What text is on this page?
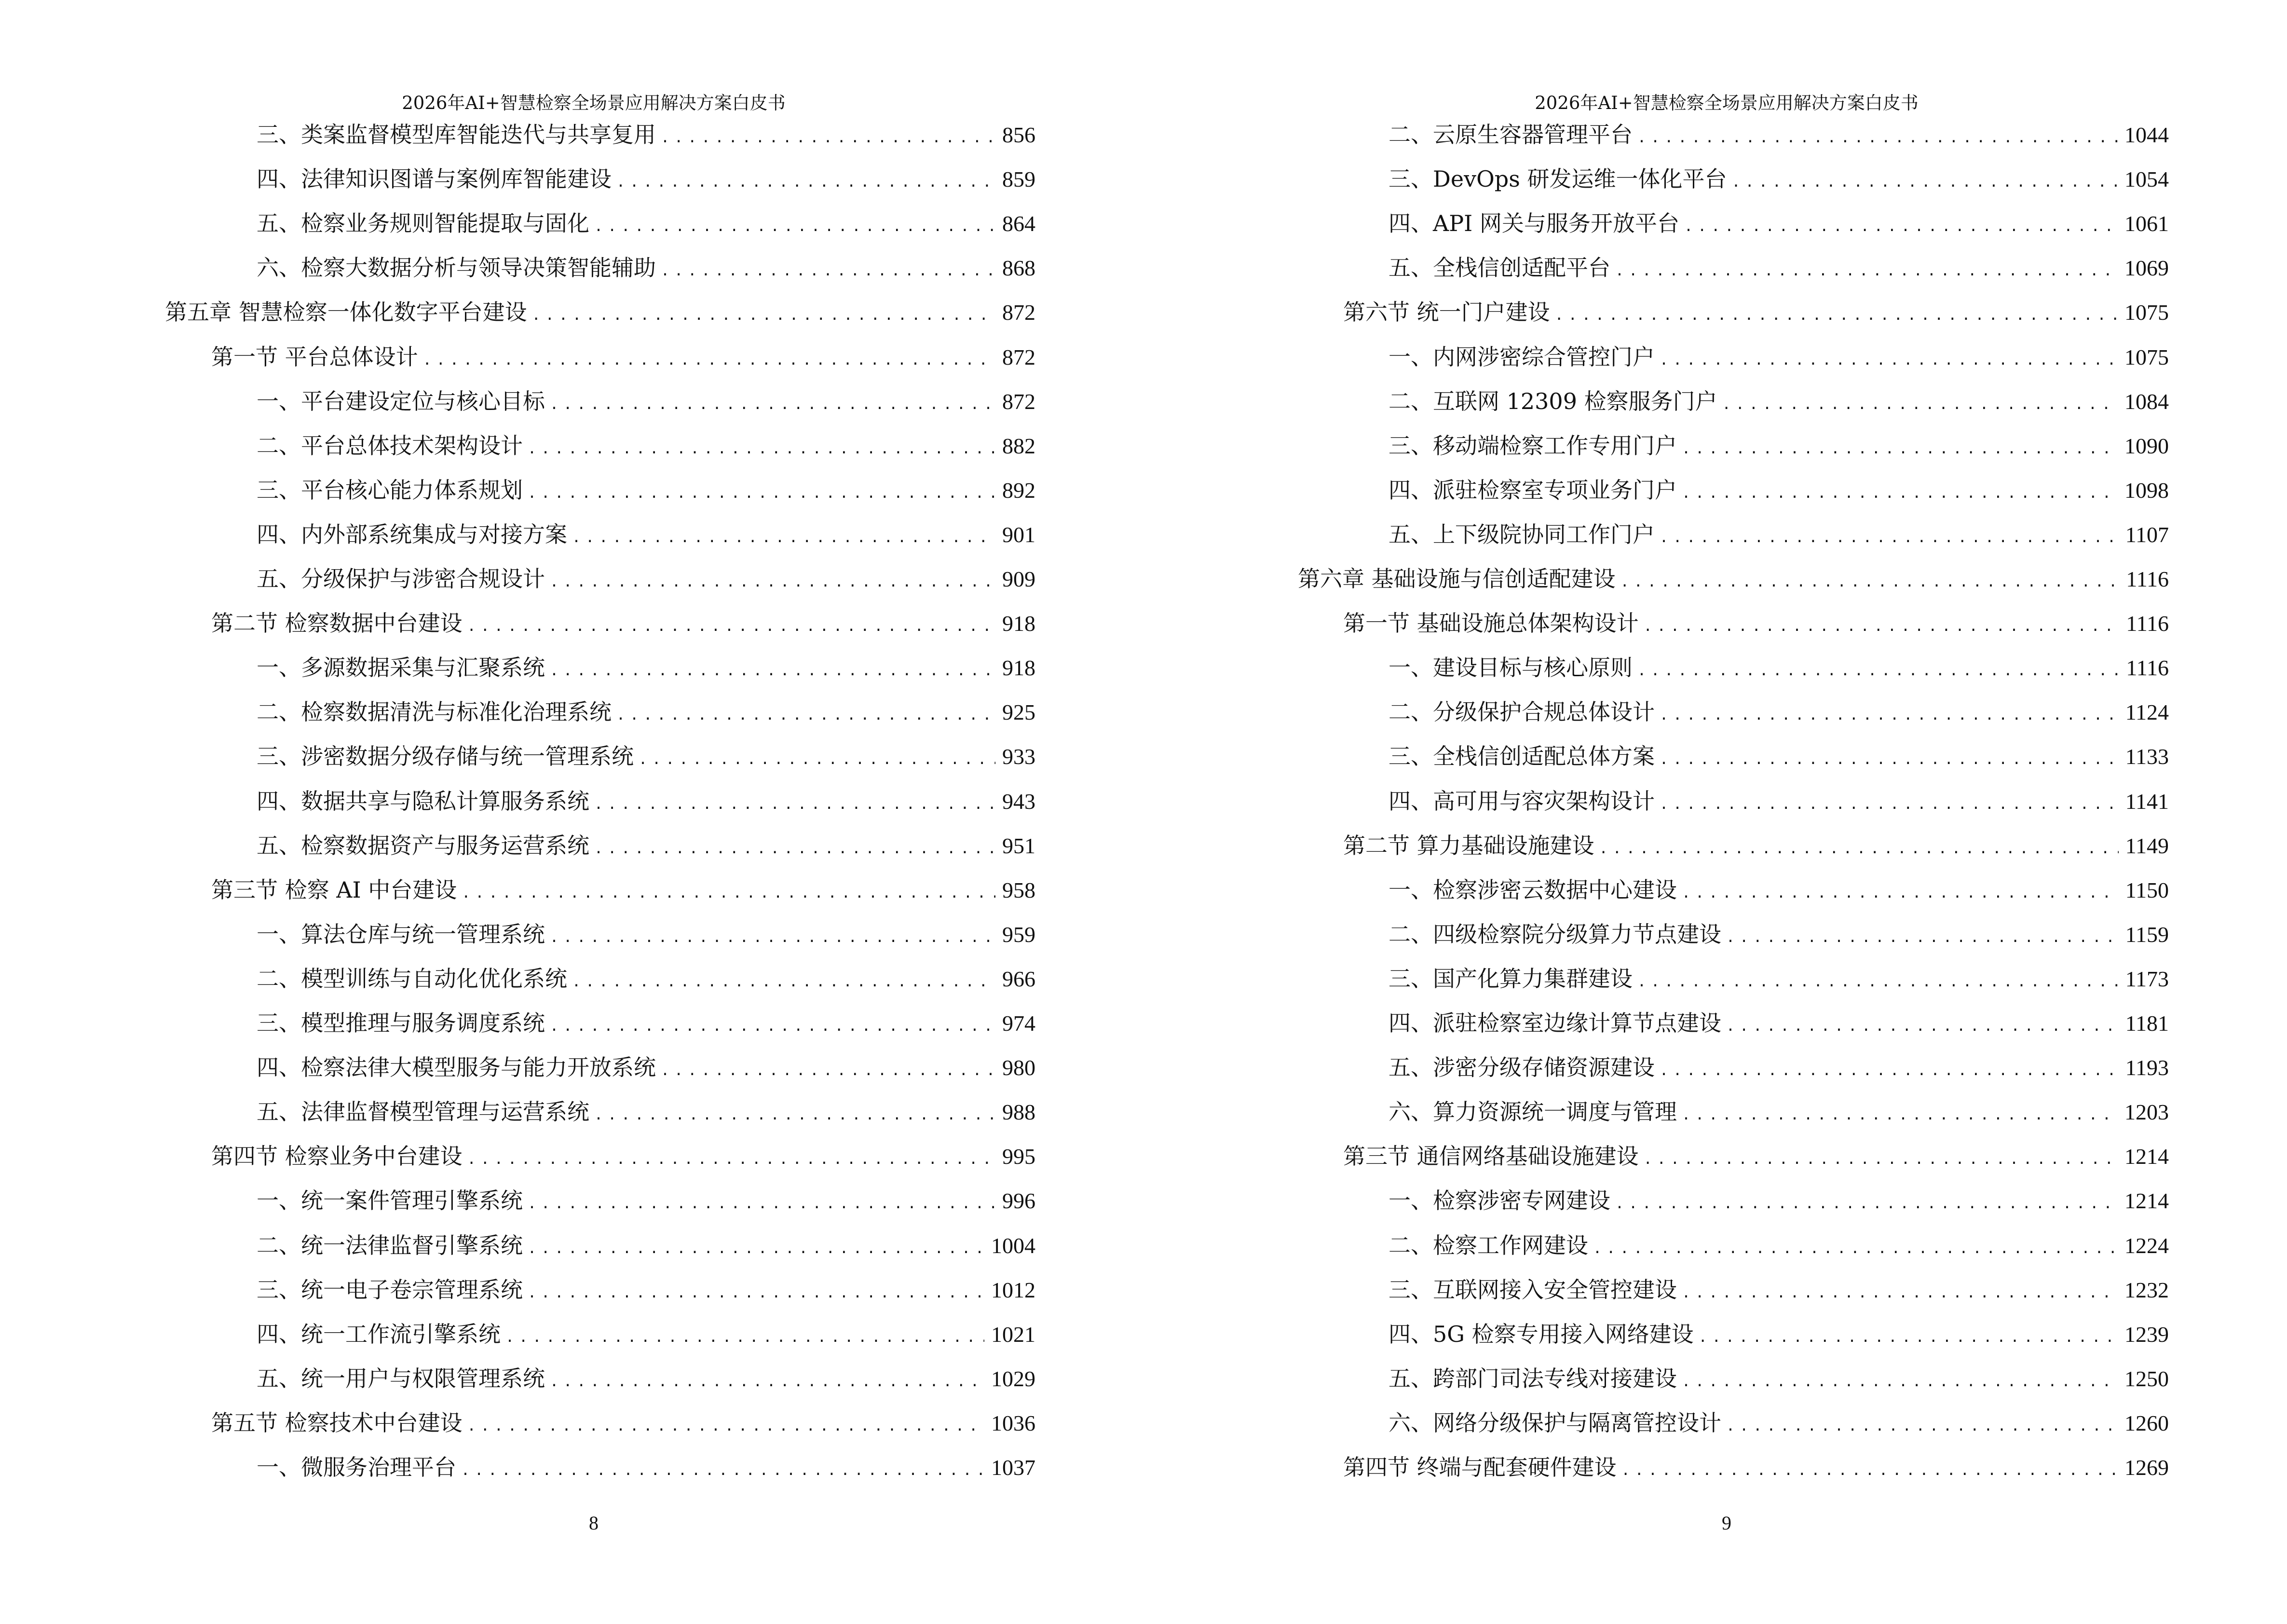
2026年AI+智慧检察全场景应用解决方案白皮书
三、类案监督模型库智能迭代与共享复用 . . .	856
四、法律知识图谱与案例库智能建设 . . .	859
五、检察业务规则智能提取与固化 . . .	864
六、检察大数据分析与领导决策智能辅助 . . .	868
第五章 智慧检察一体化数字平台建设 . . .	872
第一节 平台总体设计 . . .	872
一、平台建设定位与核心目标 . . .	872
二、平台总体技术架构设计 . . .	882
三、平台核心能力体系规划 . . .	892
四、内外部系统集成与对接方案 . . .	901
五、分级保护与涉密合规设计 . . .	909
第二节 检察数据中台建设 . . .	918
一、多源数据采集与汇聚系统 . . .	918
二、检察数据清洗与标准化治理系统 . . .	925
三、涉密数据分级存储与统一管理系统 . . .	933
四、数据共享与隐私计算服务系统 . . .	943
五、检察数据资产与服务运营系统 . . .	951
第三节 检察 AI 中台建设 . . .	958
一、算法仓库与统一管理系统 . . .	959
二、模型训练与自动化优化系统 . . .	966
三、模型推理与服务调度系统 . . .	974
四、检察法律大模型服务与能力开放系统 . . .	980
五、法律监督模型管理与运营系统 . . .	988
第四节 检察业务中台建设 . . .	995
一、统一案件管理引擎系统 . . .	996
二、统一法律监督引擎系统 . . .	1004
三、统一电子卷宗管理系统 . . .	1012
四、统一工作流引擎系统 . . .	1021
五、统一用户与权限管理系统 . . .	1029
第五节 检察技术中台建设 . . .	1036
一、微服务治理平台 . . .	1037
8
2026年AI+智慧检察全场景应用解决方案白皮书
二、云原生容器管理平台 . . .	1044
三、DevOps 研发运维一体化平台 . . .	1054
四、API 网关与服务开放平台 . . .	1061
五、全栈信创适配平台 . . .	1069
第六节 统一门户建设 . . .	1075
一、内网涉密综合管控门户 . . .	1075
二、互联网 12309 检察服务门户 . . .	1084
三、移动端检察工作专用门户 . . .	1090
四、派驻检察室专项业务门户 . . .	1098
五、上下级院协同工作门户 . . .	1107
第六章 基础设施与信创适配建设 . . .	1116
第一节 基础设施总体架构设计 . . .	1116
一、建设目标与核心原则 . . .	1116
二、分级保护合规总体设计 . . .	1124
三、全栈信创适配总体方案 . . .	1133
四、高可用与容灾架构设计 . . .	1141
第二节 算力基础设施建设 . . .	1149
一、检察涉密云数据中心建设 . . .	1150
二、四级检察院分级算力节点建设 . . .	1159
三、国产化算力集群建设 . . .	1173
四、派驻检察室边缘计算节点建设 . . .	1181
五、涉密分级存储资源建设 . . .	1193
六、算力资源统一调度与管理 . . .	1203
第三节 通信网络基础设施建设 . . .	1214
一、检察涉密专网建设 . . .	1214
二、检察工作网建设 . . .	1224
三、互联网接入安全管控建设 . . .	1232
四、5G 检察专用接入网络建设 . . .	1239
五、跨部门司法专线对接建设 . . .	1250
六、网络分级保护与隔离管控设计 . . .	1260
第四节 终端与配套硬件建设 . . .	1269
9
